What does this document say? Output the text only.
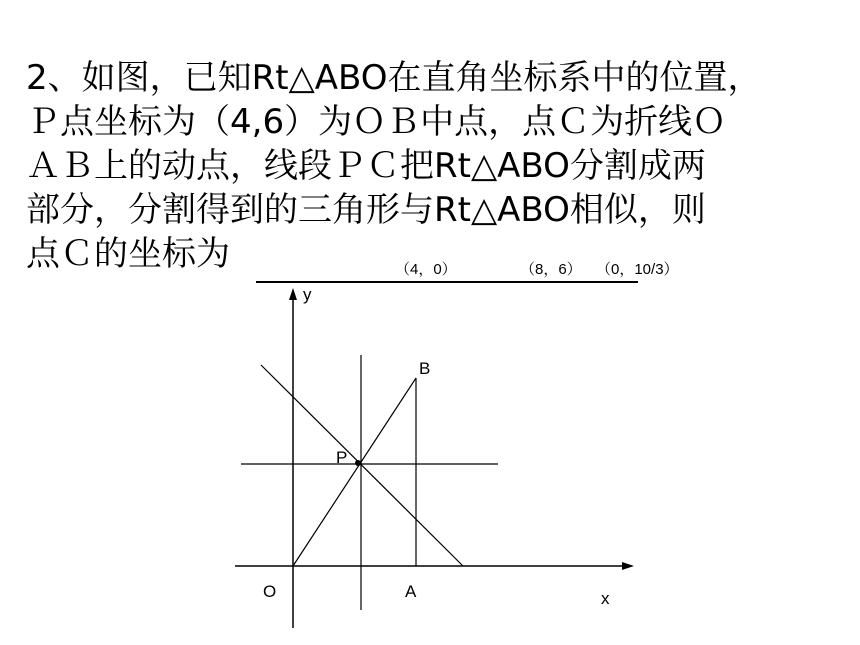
2、如图，已知Rt△ABO在直角坐标系中的位置，
Ｐ点坐标为（4,6）为ＯＢ中点，点Ｃ为折线Ｏ
ＡＢ上的动点，线段ＰＣ把Rt△ABO分割成两
部分，分割得到的三角形与Rt△ABO相似，则
点Ｃ的坐标为	（4，0）	（8，6） （0，10/3）
y
x
O	A
B
P
